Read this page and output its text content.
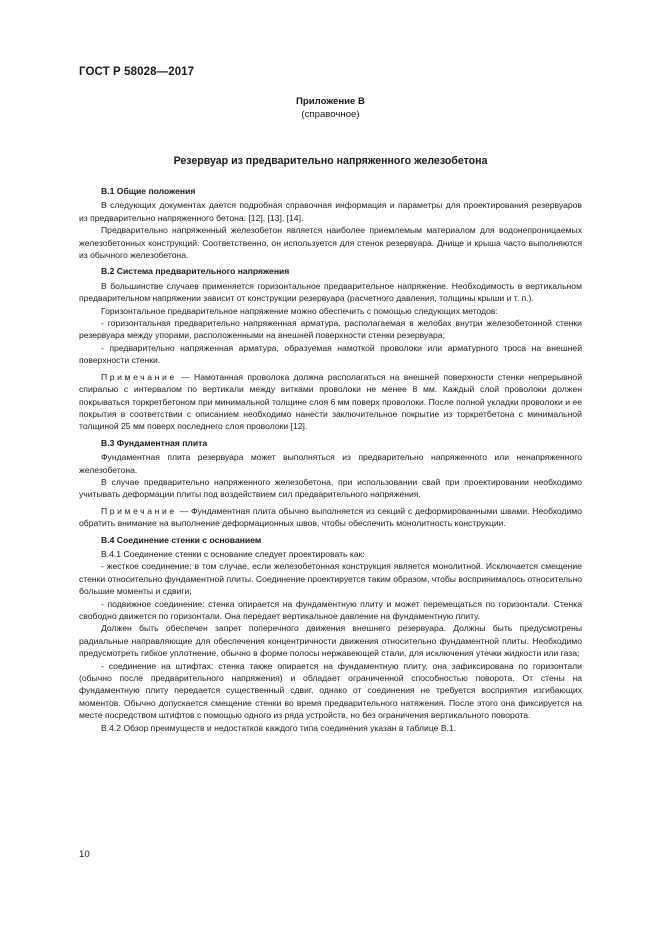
ГОСТ Р 58028—2017
Приложение В
(справочное)
Резервуар из предварительно напряженного железобетона

В.1 Общие положения

В следующих документах дается подробная справочная информация и параметры для проектирования резервуаров из предварительно напряженного бетона: [12], [13], [14].

Предварительно напряженный железобетон является наиболее приемлемым материалом для водонепроницаемых железобетонных конструкций. Соответственно, он используется для стенок резервуара. Днище и крыша часто выполняются из обычного железобетона.

В.2 Система предварительного напряжения

В большинстве случаев применяется горизонтальное предварительное напряжение. Необходимость в вертикальном предварительном напряжении зависит от конструкции резервуара (расчетного давления, толщины крыши и т. п.).

Горизонтальное предварительное напряжение можно обеспечить с помощью следующих методов:

- горизонтальная предварительно напряженная арматура, располагаемая в желобах внутри железобетонной стенки резервуара между упорами, расположенными на внешней поверхности стенки резервуара;

- предварительно напряженная арматура, образуемая намоткой проволоки или арматурного троса на внешней поверхности стенки.

Примечание — Намотанная проволока должна располагаться на внешней поверхности стенки непрерывной спиралью с интервалом по вертикали между витками проволоки не менее 8 мм. Каждый слой проволоки должен покрываться торкретбетоном при минимальной толщине слоя 6 мм поверх проволоки. После полной укладки проволоки и ее покрытия в соответствии с описанием необходимо нанести заключительное покрытие из торкретбетона с минимальной толщиной 25 мм поверх последнего слоя проволоки [12].

В.3 Фундаментная плита

Фундаментная плита резервуара может выполняться из предварительно напряженного или ненапряженного железобетона.

В случае предварительно напряженного железобетона, при использовании свай при проектировании необходимо учитывать деформации плиты под воздействием сил предварительного напряжения.

Примечание — Фундаментная плита обычно выполняется из секций с деформированными швами. Необходимо обратить внимание на выполнение деформационных швов, чтобы обеспечить монолитность конструкции.

В.4 Соединение стенки с основанием

В.4.1 Соединение стенки с основание следует проектировать как:

- жесткое соединение: в том случае, если железобетонная конструкция является монолитной. Исключается смещение стенки относительно фундаментной плиты. Соединение проектируется таким образом, чтобы воспринималось относительно большие моменты и сдвиги;

- подвижное соединение: стенка опирается на фундаментную плиту и может перемещаться по горизонтали. Стенка свободно движется по горизонтали. Она передает вертикальное давление на фундаментную плиту.

Должен быть обеспечен запрет поперечного движения внешнего резервуара. Должны быть предусмотрены радиальные направляющие для обеспечения концентричности движения относительно фундаментной плиты. Необходимо предусмотреть гибкое уплотнение, обычно в форме полосы нержавеющей стали, для исключения утечки жидкости или газа;

- соединение на штифтах: стенка также опирается на фундаментную плиту, она зафиксирована по горизонтали (обычно после предварительного напряжения) и обладает ограниченной способностью поворота. От стены на фундаментную плиту передается существенный сдвиг, однако от соединения не требуется восприятия изгибающих моментов. Обычно допускается смещение стенки во время предварительного натяжения. После этого она фиксируется на месте посредством штифтов с помощью одного из ряда устройств, но без ограничения вертикального поворота.

В.4.2 Обзор преимуществ и недостатков каждого типа соединения указан в таблице В.1.

10
